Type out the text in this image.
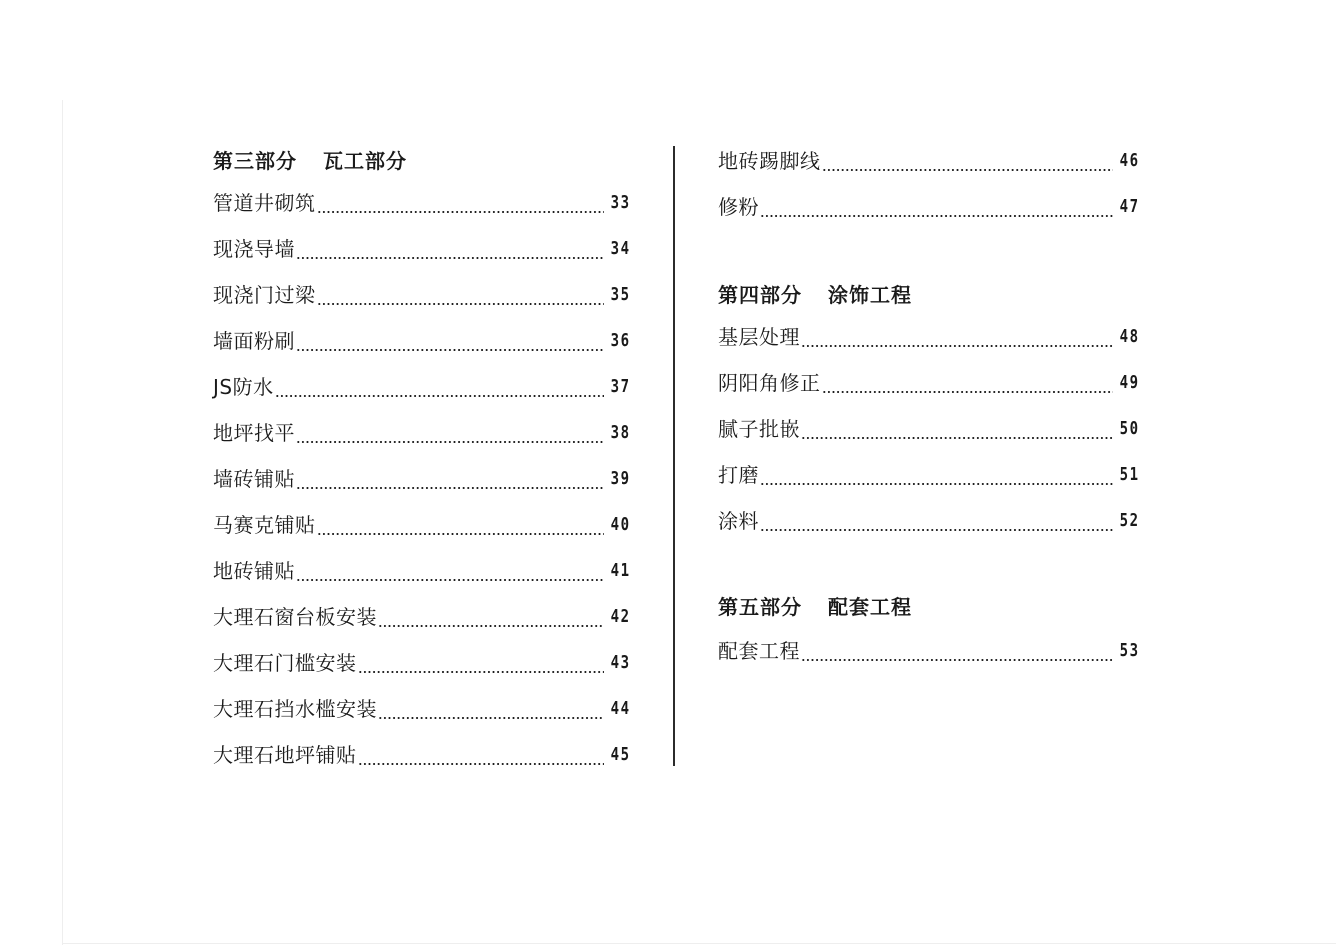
第三部分 瓦工部分
管道井砌筑	33
现浇导墙	34
现浇门过梁	35
墙面粉刷	36
JS防水	37
地坪找平	38
墙砖铺贴	39
马赛克铺贴	40
地砖铺贴	41
大理石窗台板安装	42
大理石门槛安装	43
大理石挡水槛安装	44
大理石地坪铺贴	45
地砖踢脚线	46
修粉	47
第四部分 涂饰工程
基层处理	48
阴阳角修正	49
腻子批嵌	50
打磨	51
涂料	52
第五部分 配套工程
配套工程	53
